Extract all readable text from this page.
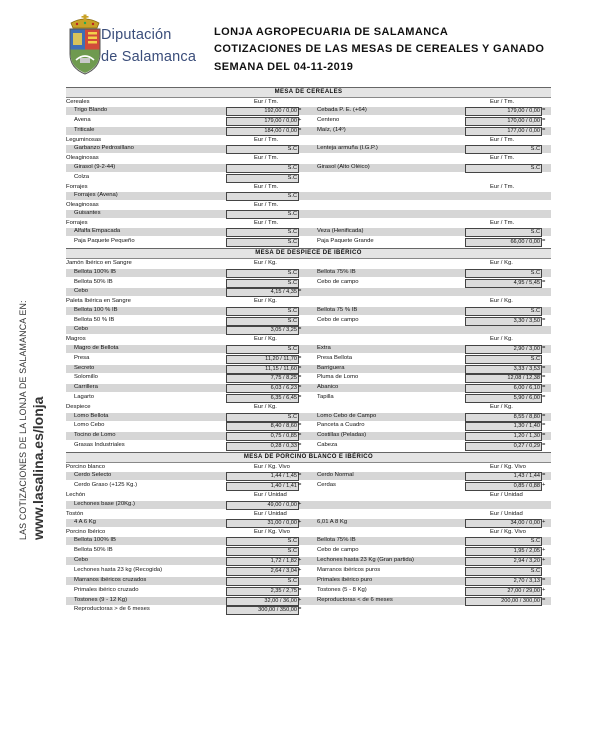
Diputación
de Salamanca
LONJA AGROPECUARIA DE SALAMANCA
COTIZACIONES DE LAS MESAS DE CEREALES Y GANADO
SEMANA DEL 04-11-2019
LAS COTIZACIONES DE LA LONJA DE SALAMANCA EN: www.lasalina.es/lonja
MESA DE CEREALES
Cereales	Eur / Tm.	Eur / Tm.
Trigo Blando	192,00 / 0,00 =	Cebada P. E. (+64)	179,00 / 0,00 =
Avena	179,00 / 0,00 +	Centeno	170,00 / 0,00 =
Triticale	184,00 / 0,00 =	Maíz, (14º)	177,00 / 0,00 =
Leguminosas	Eur / Tm.	Eur / Tm.
Garbanzo Pedrosillano	S.C	Lenteja armuña (I.G.P.)	S.C
Oleaginosas	Eur / Tm.	Eur / Tm.
Girasol (9-2-44)	S.C	Girasol (Alto Oléico)	S.C
Colza	S.C
Forrajes	Eur / Tm.	Eur / Tm.
Forrajes (Avena)	S.C
Oleaginosas	Eur / Tm.
Guisantes	S.C
Forrajes	Eur / Tm.	Eur / Tm.
Alfalfa Empacada	S.C	Veza (Henificada)	S.C
Paja Paquete Pequeño	S.C	Paja Paquete Grande	66,00 / 0,00 =
MESA DE DESPIECE DE IBÉRICO
Jamón Ibérico en Sangre	Eur / Kg.	Eur / Kg.
Bellota 100% IB	S.C	Bellota 75% IB	S.C
Bellota 50% IB	S.C	Cebo de campo	4,95 / 5,45 =
Cebo	4,15 / 4,35 =
Paleta Ibérica en Sangre	Eur / Kg.	Eur / Kg.
Bellota 100 % IB	S.C	Bellota 75 % IB	S.C
Bellota 50 % IB	S.C	Cebo de campo	3,30 / 3,50 =
Cebo	3,05 / 3,25 =
Magros	Eur / Kg.	Eur / Kg.
Magro de Bellota	S.C	Extra	2,90 / 3,00 =
Presa	11,20 / 11,70 =	Presa Bellota	S.C
Secreto	11,15 / 11,60 =	Barriguera	3,33 / 3,53 =
Solomillo	7,75 / 8,25 =	Pluma de Lomo	12,08 / 12,38 =
Carrillera	6,03 / 6,23 =	Abanico	6,00 / 6,10 =
Lagarto	6,35 / 6,45 =	Tapilla	5,90 / 6,00 =
Despiece	Eur / Kg.	Eur / Kg.
Lomo Bellota	S.C	Lomo Cebo de Campo	8,55 / 8,80 =
Lomo Cebo	8,40 / 8,60 =	Panceta a Cuadro	1,30 / 1,40 =
Tocino de Lomo	0,75 / 0,85 =	Costillas (Peladas)	1,20 / 1,30 =
Grasas Industriales	0,28 / 0,33 =	Cabeza	0,27 / 0,29 =
MESA DE PORCINO BLANCO E IBÉRICO
Porcino blanco	Eur / Kg. Vivo	Eur / Kg. Vivo
Cerdo Selecto	1,44 / 1,45 =	Cerdo Normal	1,43 / 1,44 =
Cerdo Graso (+125 Kg.)	1,40 / 1,41 =	Cerdas	0,85 / 0,88 +
Lechón	Eur / Unidad	Eur / Unidad
Lechones base (20Kg.)	49,00 / 0,00 +
Tostón	Eur / Unidad	Eur / Unidad
4 A 6 Kg	31,00 / 0,00 +	6,01 A 8 Kg	34,00 / 0,00 +
Porcino Ibérico	Eur / Kg. Vivo	Eur / Kg. Vivo
Bellota 100% IB	S.C	Bellota 75% IB	S.C
Bellota 50% IB	S.C	Cebo de campo	1,95 / 2,05 +
Cebo	1,72 / 1,82 +	Lechones hasta 23 Kg (Gran partida)	2,94 / 3,20 +
Lechones hasta 23 kg (Recogida)	2,64 / 3,04 +	Marranos ibéricos puros	S.C
Marranos ibéricos cruzados	S.C	Primales ibérico puro	2,70 / 3,13 =
Primales ibérico cruzado	2,35 / 2,75 =	Tostones (5 - 8 Kg)	27,00 / 29,00 +
Tostones (9 - 12 Kg)	32,00 / 36,00 +	Reproductoras < de 6 meses	200,00 / 300,00 =
Reproductoras > de 6 meses	300,00 / 350,00 =
